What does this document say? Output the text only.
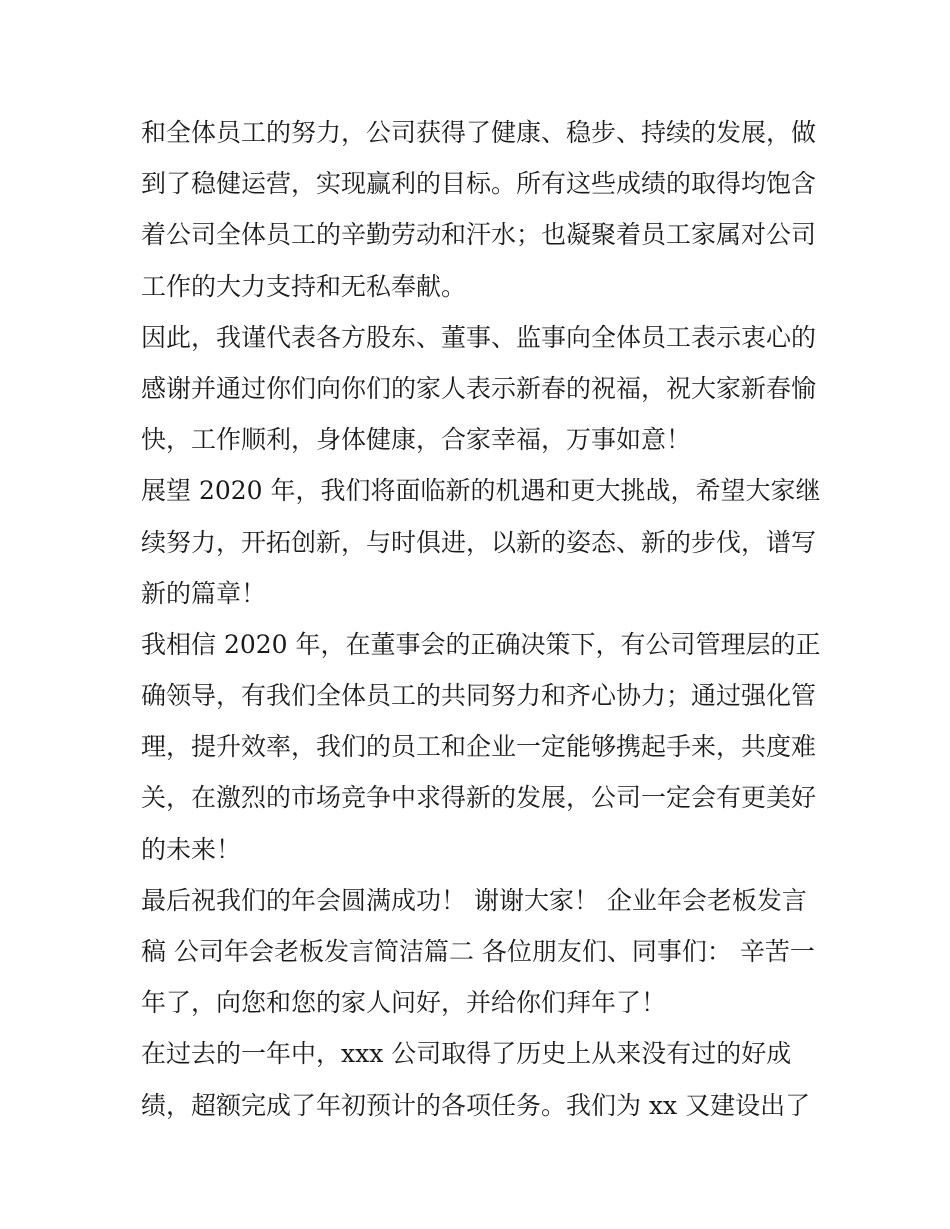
和全体员工的努力，公司获得了健康、稳步、持续的发展，做
到了稳健运营，实现赢利的目标。所有这些成绩的取得均饱含
着公司全体员工的辛勤劳动和汗水；也凝聚着员工家属对公司
工作的大力支持和无私奉献。
因此，我谨代表各方股东、董事、监事向全体员工表示衷心的
感谢并通过你们向你们的家人表示新春的祝福，祝大家新春愉
快，工作顺利，身体健康，合家幸福，万事如意！
展望 2020 年，我们将面临新的机遇和更大挑战，希望大家继
续努力，开拓创新，与时俱进，以新的姿态、新的步伐，谱写
新的篇章！
我相信 2020 年，在董事会的正确决策下，有公司管理层的正
确领导，有我们全体员工的共同努力和齐心协力；通过强化管
理，提升效率，我们的员工和企业一定能够携起手来，共度难
关，在激烈的市场竞争中求得新的发展，公司一定会有更美好
的未来！
最后祝我们的年会圆满成功！ 谢谢大家！ 企业年会老板发言
稿 公司年会老板发言简洁篇二 各位朋友们、同事们： 辛苦一
年了，向您和您的家人问好，并给你们拜年了！
在过去的一年中，xxx 公司取得了历史上从来没有过的好成
绩，超额完成了年初预计的各项任务。我们为 xx 又建设出了
